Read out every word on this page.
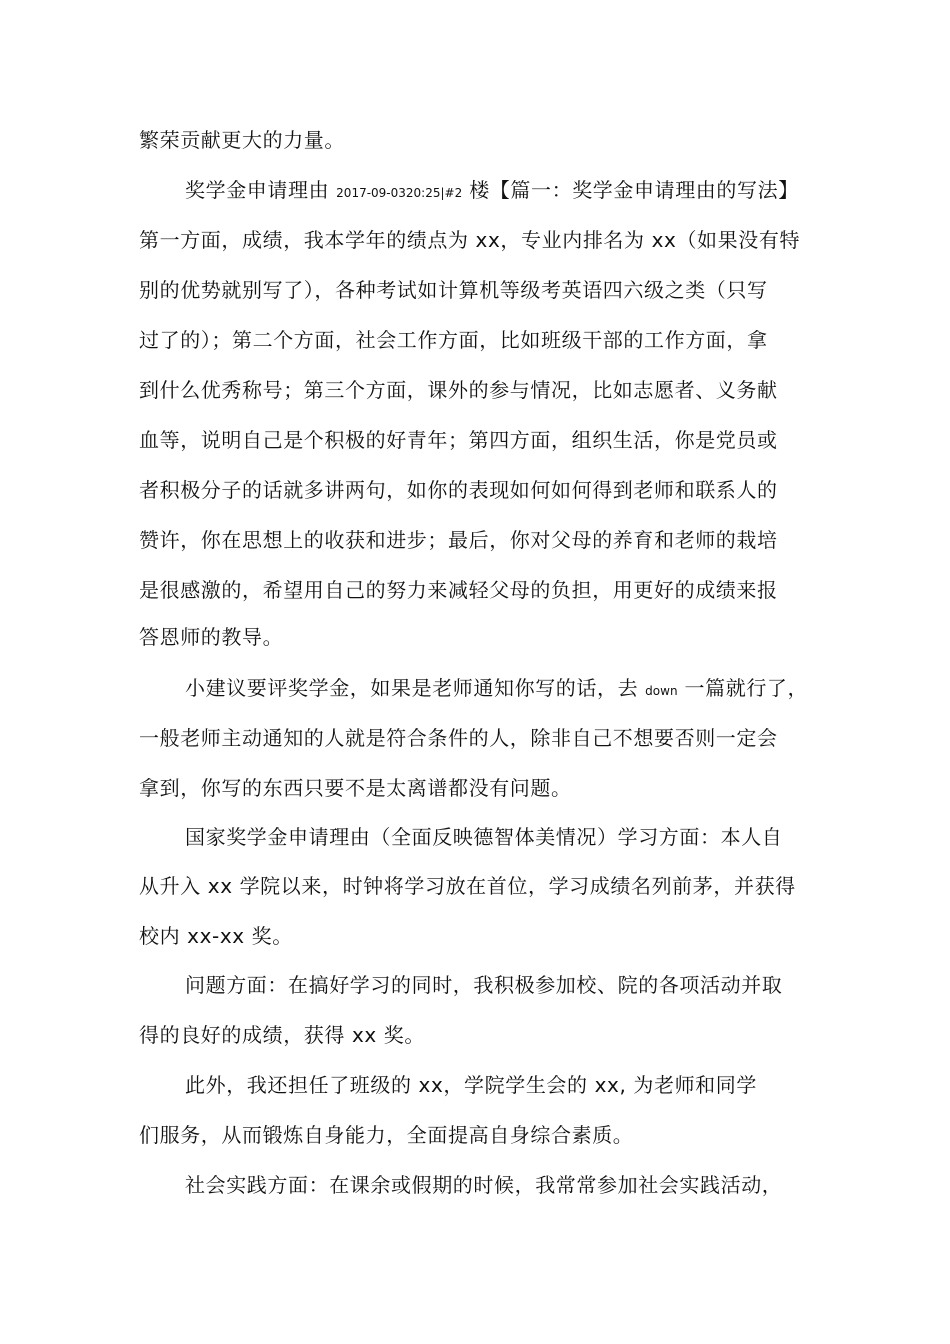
繁荣贡献更大的力量。
奖学金申请理由 2017-09-0320:25|#2 楼【篇一：奖学金申请理由的写法】
第一方面，成绩，我本学年的绩点为 xx，专业内排名为 xx（如果没有特
别的优势就别写了），各种考试如计算机等级考英语四六级之类（只写
过了的）；第二个方面，社会工作方面，比如班级干部的工作方面，拿
到什么优秀称号；第三个方面，课外的参与情况，比如志愿者、义务献
血等，说明自己是个积极的好青年；第四方面，组织生活，你是党员或
者积极分子的话就多讲两句，如你的表现如何如何得到老师和联系人的
赞许，你在思想上的收获和进步；最后，你对父母的养育和老师的栽培
是很感激的，希望用自己的努力来减轻父母的负担，用更好的成绩来报
答恩师的教导。
小建议要评奖学金，如果是老师通知你写的话，去 down 一篇就行了，
一般老师主动通知的人就是符合条件的人，除非自己不想要否则一定会
拿到，你写的东西只要不是太离谱都没有问题。
国家奖学金申请理由（全面反映德智体美情况）学习方面：本人自
从升入 xx 学院以来，时钟将学习放在首位，学习成绩名列前茅，并获得
校内 xx-xx 奖。
问题方面：在搞好学习的同时，我积极参加校、院的各项活动并取
得的良好的成绩，获得 xx 奖。
此外，我还担任了班级的 xx，学院学生会的 xx, 为老师和同学
们服务，从而锻炼自身能力，全面提高自身综合素质。
社会实践方面：在课余或假期的时候，我常常参加社会实践活动，
